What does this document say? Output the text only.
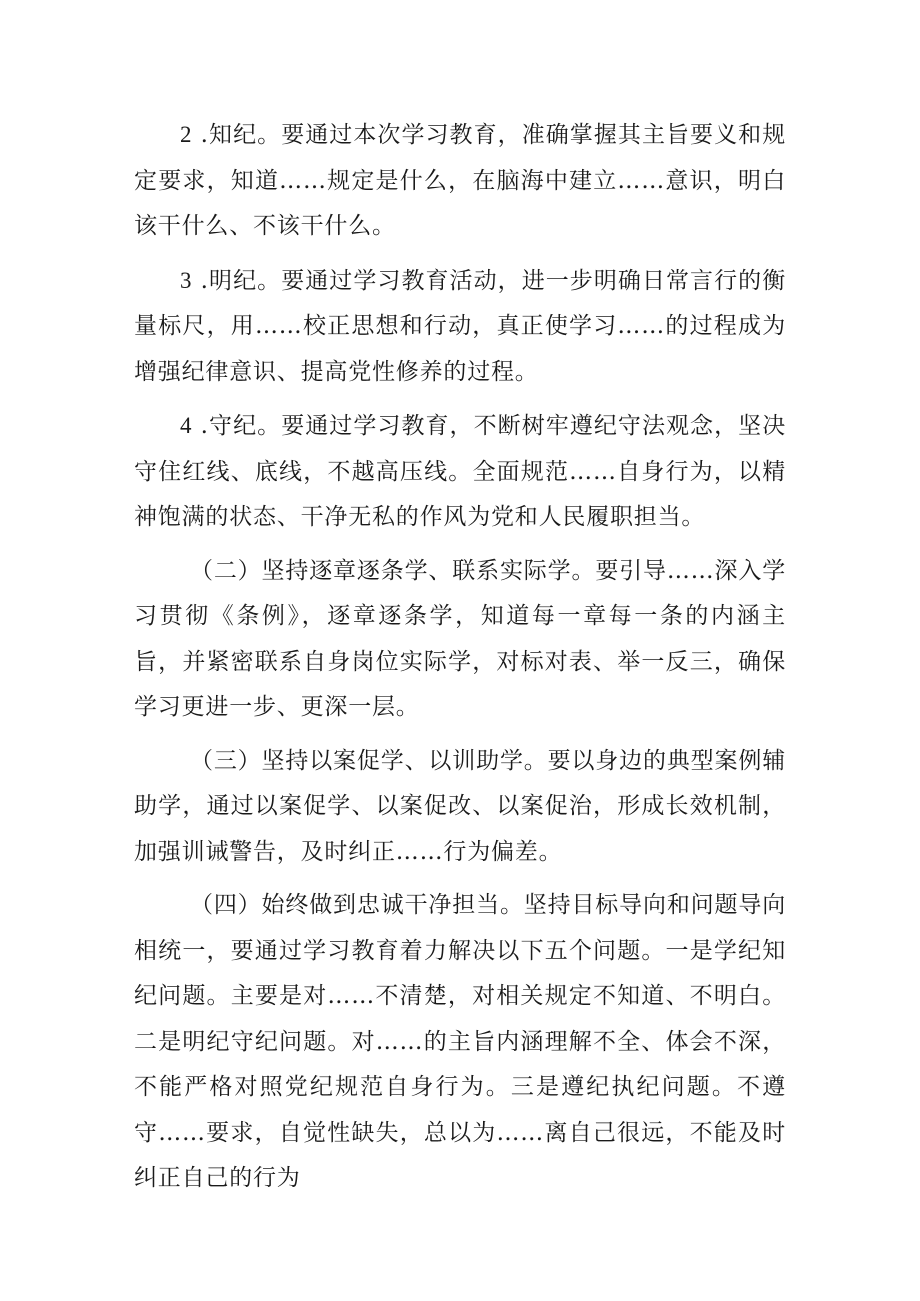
2 .知纪。要通过本次学习教育，准确掌握其主旨要义和规定要求，知道……规定是什么，在脑海中建立……意识，明白该干什么、不该干什么。

3 .明纪。要通过学习教育活动，进一步明确日常言行的衡量标尺，用……校正思想和行动，真正使学习……的过程成为增强纪律意识、提高党性修养的过程。

4 .守纪。要通过学习教育，不断树牢遵纪守法观念，坚决守住红线、底线，不越高压线。全面规范……自身行为，以精神饱满的状态、干净无私的作风为党和人民履职担当。

（二）坚持逐章逐条学、联系实际学。要引导……深入学习贯彻《条例》，逐章逐条学，知道每一章每一条的内涵主旨，并紧密联系自身岗位实际学，对标对表、举一反三，确保学习更进一步、更深一层。

（三）坚持以案促学、以训助学。要以身边的典型案例辅助学，通过以案促学、以案促改、以案促治，形成长效机制，加强训诫警告，及时纠正……行为偏差。

（四）始终做到忠诚干净担当。坚持目标导向和问题导向相统一，要通过学习教育着力解决以下五个问题。一是学纪知纪问题。主要是对……不清楚，对相关规定不知道、不明白。二是明纪守纪问题。对……的主旨内涵理解不全、体会不深，不能严格对照党纪规范自身行为。三是遵纪执纪问题。不遵守……要求，自觉性缺失，总以为……离自己很远，不能及时纠正自己的行为
